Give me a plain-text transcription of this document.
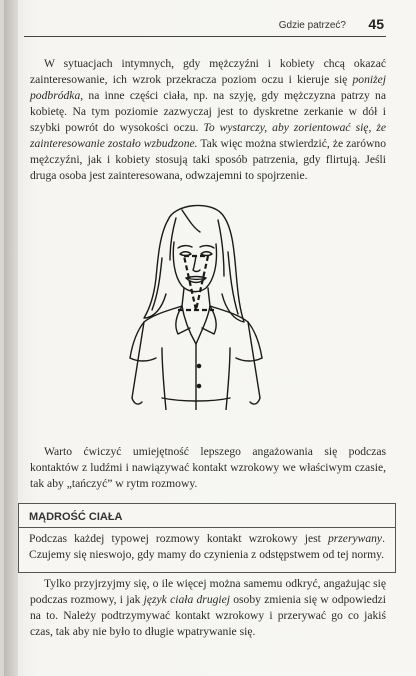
Gdzie patrzeć? 45

W sytuacjach intymnych, gdy mężczyźni i kobiety chcą okazać zainteresowanie, ich wzrok przekracza poziom oczu i kieruje się poniżej podbródka, na inne części ciała, np. na szyję, gdy mężczyzna patrzy na kobietę. Na tym poziomie zazwyczaj jest to dyskretne zerkanie w dół i szybki powrót do wysokości oczu. To wystarczy, aby zorientować się, że zainteresowanie zostało wzbudzone. Tak więc można stwierdzić, że zarówno mężczyźni, jak i kobiety stosują taki sposób patrzenia, gdy flirtują. Jeśli druga osoba jest zainteresowana, odwzajemni to spojrzenie.

Warto ćwiczyć umiejętność lepszego angażowania się podczas kontaktów z ludźmi i nawiązywać kontakt wzrokowy we właściwym czasie, tak aby „tańczyć” w rytm rozmowy.

MĄDROŚĆ CIAŁA

Podczas każdej typowej rozmowy kontakt wzrokowy jest przerywany. Czujemy się nieswojo, gdy mamy do czynienia z odstępstwem od tej normy.

Tylko przyjrzyjmy się, o ile więcej można samemu odkryć, angażując się podczas rozmowy, i jak język ciała drugiej osoby zmienia się w odpowiedzi na to. Należy podtrzymywać kontakt wzrokowy i przerywać go co jakiś czas, tak aby nie było to długie wpatrywanie się.
